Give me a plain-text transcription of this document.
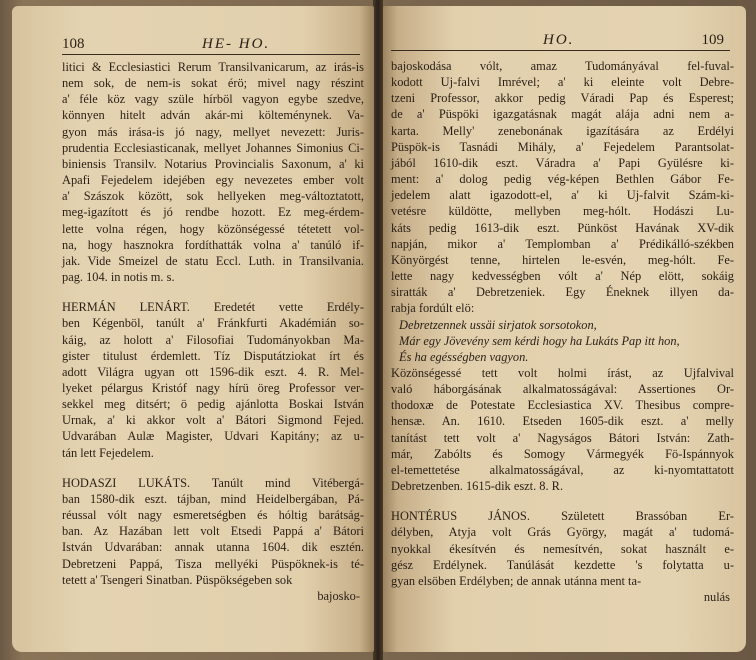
108	HE- HO.
litici & Ecclesiastici Rerum Transilvanicarum, az irás-is
nem sok, de nem-is sokat érö; mivel nagy részint
a' féle köz vagy szüle hírböl vagyon egybe szedve,
könnyen hitelt adván akár-mi költeménynek. Va-
gyon más irása-is jó nagy, mellyet nevezett: Juris-
prudentia Ecclesiasticanak, mellyet Johannes Simonius Ci-
biniensis Transilv. Notarius Provincialis Saxonum, a' ki
Apafi Fejedelem idejében egy nevezetes ember volt
a' Szászok között, sok hellyeken meg-változtatott,
meg-igazított és jó rendbe hozott. Ez meg-érdem-
lette volna régen, hogy közönségessé tétetett vol-
na, hogy hasznokra fordíthatták volna a' tanúló if-
jak. Vide Smeizel de statu Eccl. Luth. in Transilvania.
pag. 104. in notis m. s.
HERMÁN LENÁRT. Eredetét vette Erdély-
ben Kégenböl, tanúlt a' Fránkfurti Akadémián so-
káig, az holott a' Filosofiai Tudományokban Ma-
gister titulust érdemlett. Tíz Disputátziokat írt és
adott Világra ugyan ott 1596-dik eszt. 4. R. Mel-
lyeket pélargus Kristóf nagy hírü öreg Professor ver-
sekkel meg ditsért; ö pedig ajánlotta Boskai István
Urnak, a' ki akkor volt a' Bátori Sigmond Fejed.
Udvarában Aulæ Magister, Udvari Kapitány; az u-
tán lett Fejedelem.
HODASZI LUKÁTS. Tanúlt mind Vitébergá-
ban 1580-dik eszt. tájban, mind Heidelbergában, Pá-
réussal vólt nagy esmeretségben és hóltig barátság-
ban. Az Hazában lett volt Etsedi Pappá a' Bátori
István Udvarában: annak utanna 1604. dik esztén.
Debretzeni Pappá, Tisza mellyéki Püspöknek-is té-
tetett a' Tsengeri Sinatban. Püspökségeben sok
bajosko-
HO.	109
bajoskodása vólt, amaz Tudományával fel-fuval-
kodott Uj-falvi Imrével; a' ki eleinte volt Debre-
tzeni Professor, akkor pedig Váradi Pap és Esperest;
de a' Püspöki igazgatásnak magát alája adni nem a-
karta. Melly' zenebonának igazítására az Erdélyi
Püspök-is Tasnádi Mihály, a' Fejedelem Parantsolat-
jából 1610-dik eszt. Váradra a' Papi Gyülésre ki-
ment: a' dolog pedig vég-képen Bethlen Gábor Fe-
jedelem alatt igazodott-el, a' ki Uj-falvit Szám-ki-
vetésre küldötte, mellyben meg-hólt. Hodászi Lu-
káts pedig 1613-dik eszt. Pünköst Havának XV-dik
napján, mikor a' Templomban a' Prédikálló-székben
Könyörgést tenne, hirtelen le-esvén, meg-hólt. Fe-
lette nagy kedvességben vólt a' Nép elött, sokáig
siratták a' Debretzeniek. Egy Éneknek illyen da-
rabja fordúlt elö:
Debretzennek ussäi sirjatok sorsotokon,
Már egy Jövevény sem kérdi hogy ha Lukáts Pap itt hon,
És ha egésségben vagyon.
Közönségessé tett volt holmi írást, az Ujfalvival
való háborgásának alkalmatosságával: Assertiones Or-
thodoxæ de Potestate Ecclesiastica XV. Thesibus compre-
hensæ. An. 1610. Etseden 1605-dik eszt. a' melly
tanítást tett volt a' Nagyságos Bátori István: Zath-
már, Zabólts és Somogy Vármegyék Fö-Ispánnyok
el-temettetése alkalmatosságával, az ki-nyomtattatott
Debretzenben. 1615-dik eszt. 8. R.
HONTÉRUS JÁNOS. Született Brassóban Er-
délyben, Atyja volt Grás György, magát a' tudomá-
nyokkal ékesítvén és nemesítvén, sokat használt e-
gész Erdélynek. Tanúlását kezdette 's folytatta u-
gyan elsöben Erdélyben; de annak utánna ment ta-
nulás
